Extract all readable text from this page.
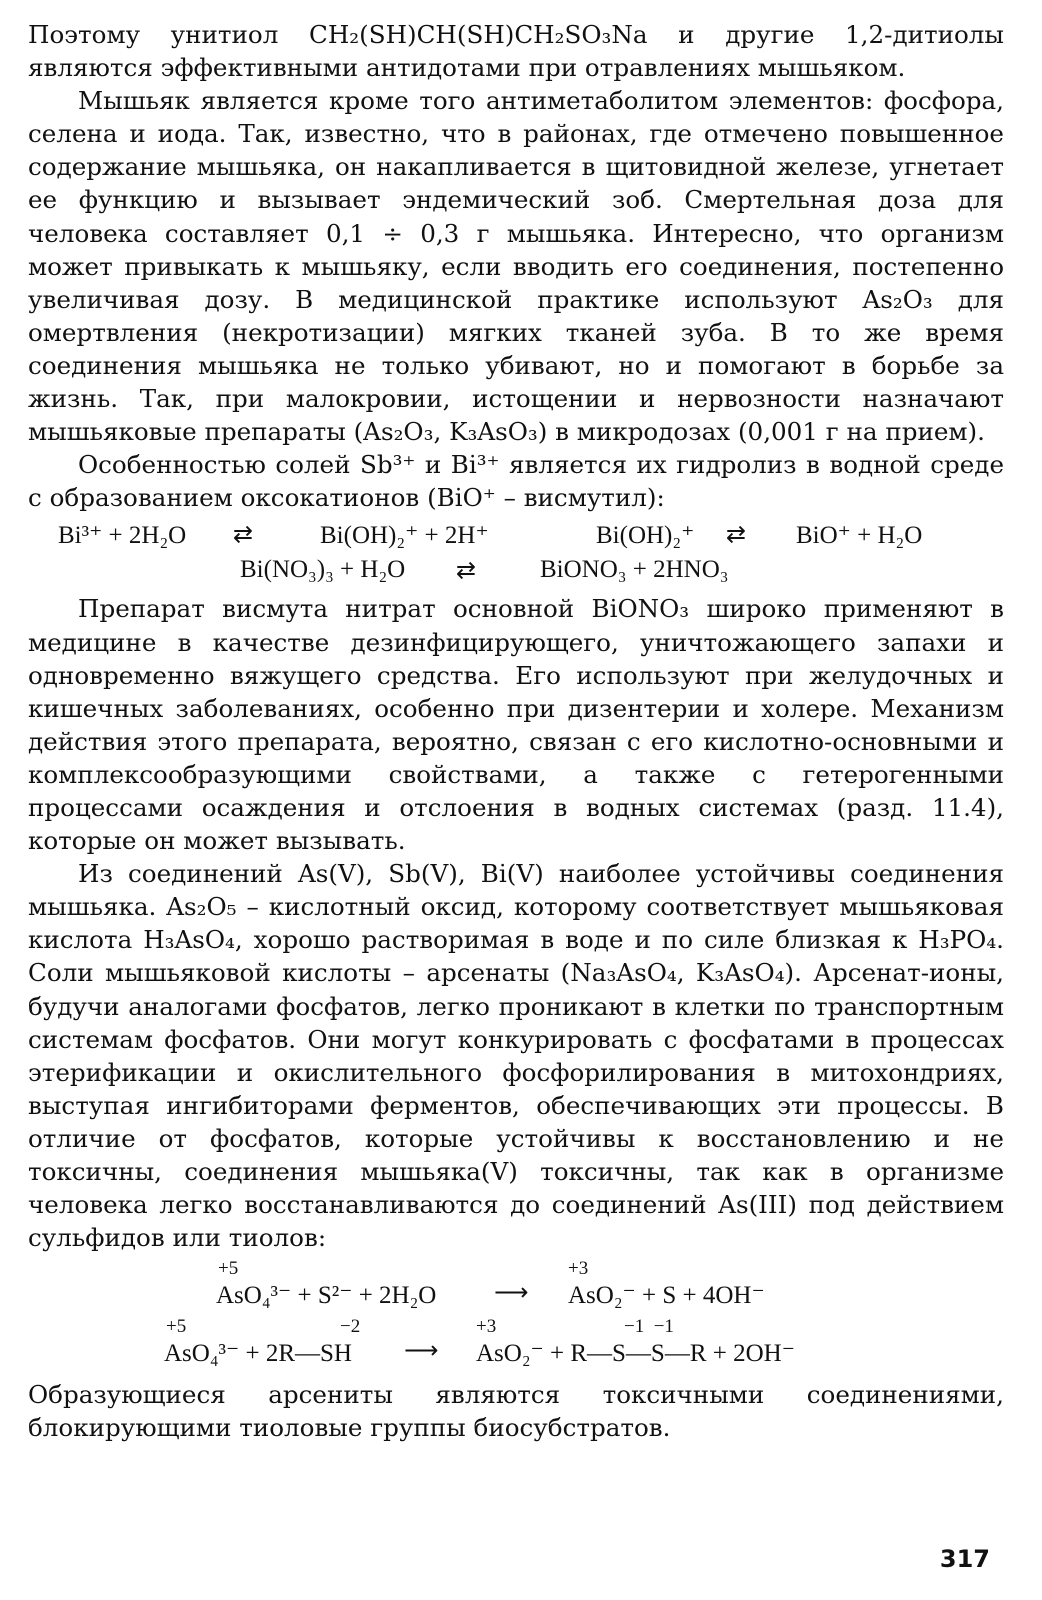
Поэтому унитиол CH₂(SH)CH(SH)CH₂SO₃Na и другие 1,2-дитиолы являются эффективными антидотами при отравлениях мышьяком.

Мышьяк является кроме того антиметаболитом элементов: фосфора, селена и иода. Так, известно, что в районах, где отмечено повышенное содержание мышьяка, он накапливается в щитовидной железе, угнетает ее функцию и вызывает эндемический зоб. Смертельная доза для человека составляет 0,1 ÷ 0,3 г мышьяка. Интересно, что организм может привыкать к мышьяку, если вводить его соединения, постепенно увеличивая дозу. В медицинской практике используют As₂O₃ для омертвления (некротизации) мягких тканей зуба. В то же время соединения мышьяка не только убивают, но и помогают в борьбе за жизнь. Так, при малокровии, истощении и нервозности назначают мышьяковые препараты (As₂O₃, K₃AsO₃) в микродозах (0,001 г на прием).

Особенностью солей Sb³⁺ и Bi³⁺ является их гидролиз в водной среде с образованием оксокатионов (BiO⁺ – висмутил):

Bi³⁺ + 2H₂O ⇄	Bi(OH)₂⁺ + 2H⁺	Bi(OH)₂⁺ ⇄ BiO⁺ + H₂O
Bi(NO₃)₃ + H₂O ⇄	BiONO₃ + 2HNO₃

Препарат висмута нитрат основной BiONO₃ широко применяют в медицине в качестве дезинфицирующего, уничтожающего запахи и одновременно вяжущего средства. Его используют при желудочных и кишечных заболеваниях, особенно при дизентерии и холере. Механизм действия этого препарата, вероятно, связан с его кислотно-основными и комплексообразующими свойствами, а также с гетерогенными процессами осаждения и отслоения в водных системах (разд. 11.4), которые он может вызывать.

Из соединений As(V), Sb(V), Bi(V) наиболее устойчивы соединения мышьяка. As₂O₅ – кислотный оксид, которому соответствует мышьяковая кислота H₃AsO₄, хорошо растворимая в воде и по силе близкая к H₃PO₄. Соли мышьяковой кислоты – арсенаты (Na₃AsO₄, K₃AsO₄). Арсенат-ионы, будучи аналогами фосфатов, легко проникают в клетки по транспортным системам фосфатов. Они могут конкурировать с фосфатами в процессах этерификации и окислительного фосфорилирования в митохондриях, выступая ингибиторами ферментов, обеспечивающих эти процессы. В отличие от фосфатов, которые устойчивы к восстановлению и не токсичны, соединения мышьяка(V) токсичны, так как в организме человека легко восстанавливаются до соединений As(III) под действием сульфидов или тиолов:

+5	+3
AsO₄³⁻ + S²⁻ + 2H₂O ⟶ AsO₂⁻ + S + 4OH⁻
+5	−2	+3	−1  −1
AsO₄³⁻ + 2R—SH ⟶ AsO₂⁻ + R—S—S—R + 2OH⁻

Образующиеся арсениты являются токсичными соединениями, блокирующими тиоловые группы биосубстратов.

317
